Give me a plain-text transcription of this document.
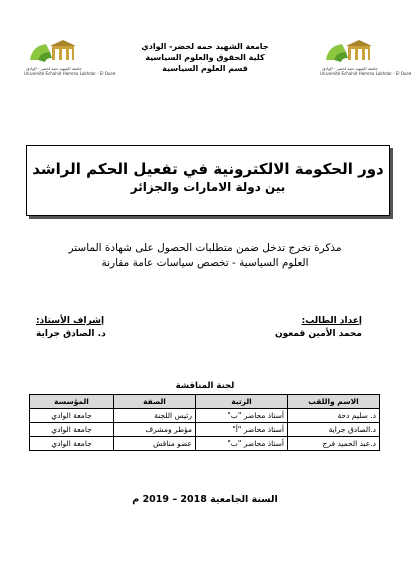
جامعة الشهيد حمه لخضر - الوادي
Université Echahid Hamma Lakhdar - El Oued
جامعة الشهيد حمه لخضر - الوادي
Université Echahid Hamma Lakhdar - El Oued
جامعة الشهيد حمه لخضر- الوادي
كلية الحقوق والعلوم السياسية
قسم العلوم السياسية
دور الحكومة الالكترونية في تفعيل الحكم الراشد
بين دولة الامارات والجزائر
مذكرة تخرج تدخل ضمن متطلبات الحصول على شهادة الماستر
العلوم السياسية - تخصص سياسات عامة مقارنة
إعداد الطالب:
محمد الأمين قمعون
إشراف الأستاذ:
د. الصادق جراية
لجنة المناقشة
الاسم واللقب	الرتبة	الصفة	المؤسسة
د. سليم دحة	أستاذ محاضر "ب"	رئيس اللجنة	جامعة الوادي
د.الصادق جراية	أستاذ محاضر "أ"	مؤطر ومشرف	جامعة الوادي
د.عبد الحميد فرج	أستاذ محاضر "ب"	عضو مناقش	جامعة الوادي
السنة الجامعية 2018 – 2019 م
